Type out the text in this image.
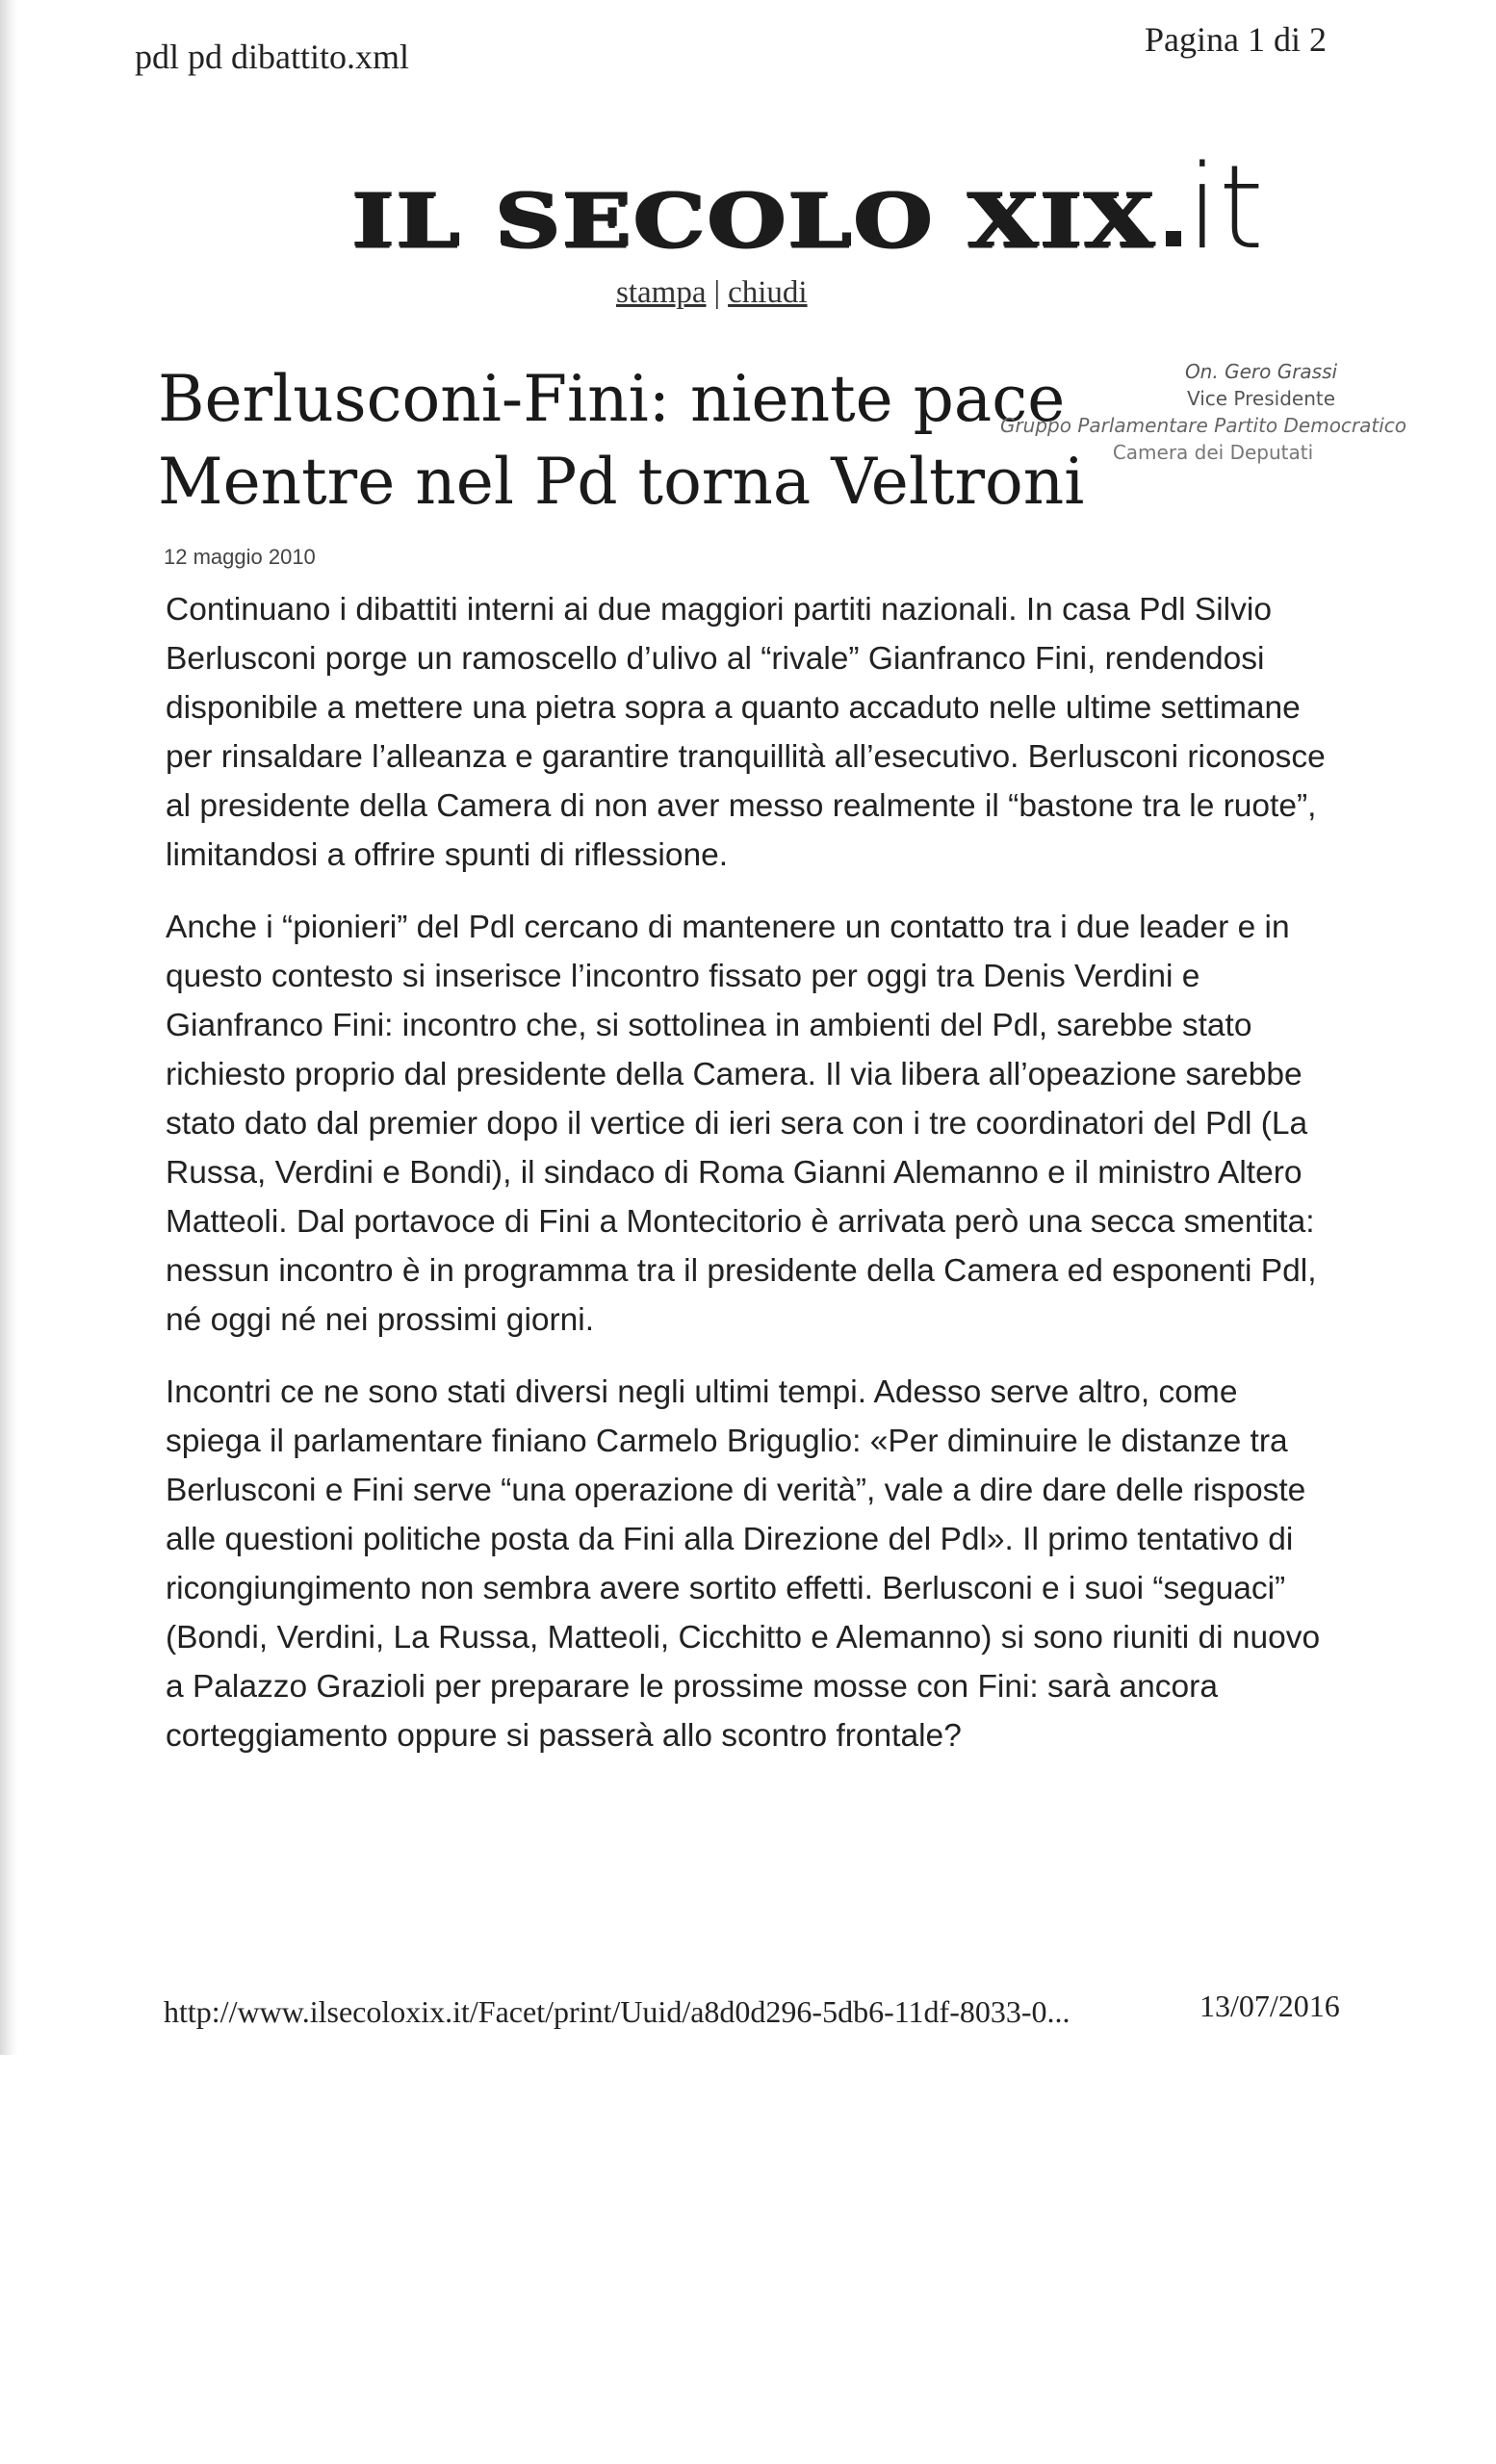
pdl pd dibattito.xml	Pagina 1 di 2
IL SECOLO XIX it
stampa | chiudi
Berlusconi-Fini: niente pace
Mentre nel Pd torna Veltroni
On. Gero Grassi
Vice Presidente
Gruppo Parlamentare Partito Democratico
Camera dei Deputati
12 maggio 2010

Continuano i dibattiti interni ai due maggiori partiti nazionali. In casa Pdl Silvio Berlusconi porge un ramoscello d’ulivo al “rivale” Gianfranco Fini, rendendosi disponibile a mettere una pietra sopra a quanto accaduto nelle ultime settimane per rinsaldare l’alleanza e garantire tranquillità all’esecutivo. Berlusconi riconosce al presidente della Camera di non aver messo realmente il “bastone tra le ruote”, limitandosi a offrire spunti di riflessione.

Anche i “pionieri” del Pdl cercano di mantenere un contatto tra i due leader e in questo contesto si inserisce l’incontro fissato per oggi tra Denis Verdini e Gianfranco Fini: incontro che, si sottolinea in ambienti del Pdl, sarebbe stato richiesto proprio dal presidente della Camera. Il via libera all’opeazione sarebbe stato dato dal premier dopo il vertice di ieri sera con i tre coordinatori del Pdl (La Russa, Verdini e Bondi), il sindaco di Roma Gianni Alemanno e il ministro Altero Matteoli. Dal portavoce di Fini a Montecitorio è arrivata però una secca smentita: nessun incontro è in programma tra il presidente della Camera ed esponenti Pdl, né oggi né nei prossimi giorni.

Incontri ce ne sono stati diversi negli ultimi tempi. Adesso serve altro, come spiega il parlamentare finiano Carmelo Briguglio: «Per diminuire le distanze tra Berlusconi e Fini serve “una operazione di verità”, vale a dire dare delle risposte alle questioni politiche posta da Fini alla Direzione del Pdl». Il primo tentativo di ricongiungimento non sembra avere sortito effetti. Berlusconi e i suoi “seguaci” (Bondi, Verdini, La Russa, Matteoli, Cicchitto e Alemanno) si sono riuniti di nuovo a Palazzo Grazioli per preparare le prossime mosse con Fini: sarà ancora corteggiamento oppure si passerà allo scontro frontale?

http://www.ilsecoloxix.it/Facet/print/Uuid/a8d0d296-5db6-11df-8033-0...	13/07/2016
